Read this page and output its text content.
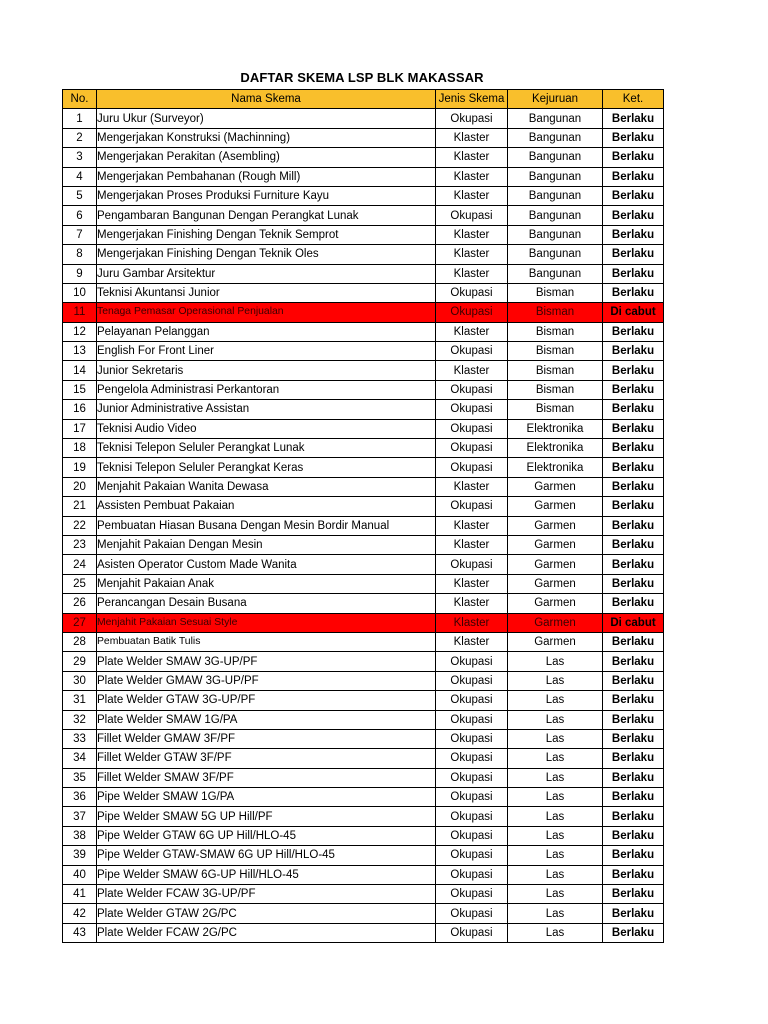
DAFTAR SKEMA LSP BLK MAKASSAR
No.	Nama Skema	Jenis Skema	Kejuruan	Ket.
1	Juru Ukur (Surveyor)	Okupasi	Bangunan	Berlaku
2	Mengerjakan Konstruksi (Machinning)	Klaster	Bangunan	Berlaku
3	Mengerjakan Perakitan (Asembling)	Klaster	Bangunan	Berlaku
4	Mengerjakan Pembahanan (Rough Mill)	Klaster	Bangunan	Berlaku
5	Mengerjakan Proses Produksi Furniture Kayu	Klaster	Bangunan	Berlaku
6	Pengambaran Bangunan Dengan Perangkat Lunak	Okupasi	Bangunan	Berlaku
7	Mengerjakan Finishing Dengan Teknik Semprot	Klaster	Bangunan	Berlaku
8	Mengerjakan Finishing Dengan Teknik Oles	Klaster	Bangunan	Berlaku
9	Juru Gambar Arsitektur	Klaster	Bangunan	Berlaku
10	Teknisi Akuntansi Junior	Okupasi	Bisman	Berlaku
11	Tenaga Pemasar Operasional Penjualan	Okupasi	Bisman	Di cabut
12	Pelayanan Pelanggan	Klaster	Bisman	Berlaku
13	English For Front Liner	Okupasi	Bisman	Berlaku
14	Junior Sekretaris	Klaster	Bisman	Berlaku
15	Pengelola Administrasi Perkantoran	Okupasi	Bisman	Berlaku
16	Junior Administrative Assistan	Okupasi	Bisman	Berlaku
17	Teknisi Audio Video	Okupasi	Elektronika	Berlaku
18	Teknisi Telepon Seluler Perangkat Lunak	Okupasi	Elektronika	Berlaku
19	Teknisi Telepon Seluler Perangkat Keras	Okupasi	Elektronika	Berlaku
20	Menjahit Pakaian Wanita Dewasa	Klaster	Garmen	Berlaku
21	Assisten Pembuat Pakaian	Okupasi	Garmen	Berlaku
22	Pembuatan Hiasan Busana Dengan Mesin Bordir Manual	Klaster	Garmen	Berlaku
23	Menjahit Pakaian Dengan Mesin	Klaster	Garmen	Berlaku
24	Asisten Operator Custom Made Wanita	Okupasi	Garmen	Berlaku
25	Menjahit Pakaian Anak	Klaster	Garmen	Berlaku
26	Perancangan Desain Busana	Klaster	Garmen	Berlaku
27	Menjahit Pakaian Sesuai Style	Klaster	Garmen	Di cabut
28	Pembuatan Batik Tulis	Klaster	Garmen	Berlaku
29	Plate Welder SMAW 3G-UP/PF	Okupasi	Las	Berlaku
30	Plate Welder GMAW 3G-UP/PF	Okupasi	Las	Berlaku
31	Plate Welder GTAW 3G-UP/PF	Okupasi	Las	Berlaku
32	Plate Welder SMAW 1G/PA	Okupasi	Las	Berlaku
33	Fillet Welder GMAW 3F/PF	Okupasi	Las	Berlaku
34	Fillet Welder GTAW 3F/PF	Okupasi	Las	Berlaku
35	Fillet Welder SMAW 3F/PF	Okupasi	Las	Berlaku
36	Pipe Welder SMAW 1G/PA	Okupasi	Las	Berlaku
37	Pipe Welder SMAW 5G UP Hill/PF	Okupasi	Las	Berlaku
38	Pipe Welder GTAW 6G UP Hill/HLO-45	Okupasi	Las	Berlaku
39	Pipe Welder GTAW-SMAW 6G UP Hill/HLO-45	Okupasi	Las	Berlaku
40	Pipe Welder SMAW 6G-UP Hill/HLO-45	Okupasi	Las	Berlaku
41	Plate Welder FCAW 3G-UP/PF	Okupasi	Las	Berlaku
42	Plate Welder GTAW 2G/PC	Okupasi	Las	Berlaku
43	Plate Welder FCAW 2G/PC	Okupasi	Las	Berlaku
